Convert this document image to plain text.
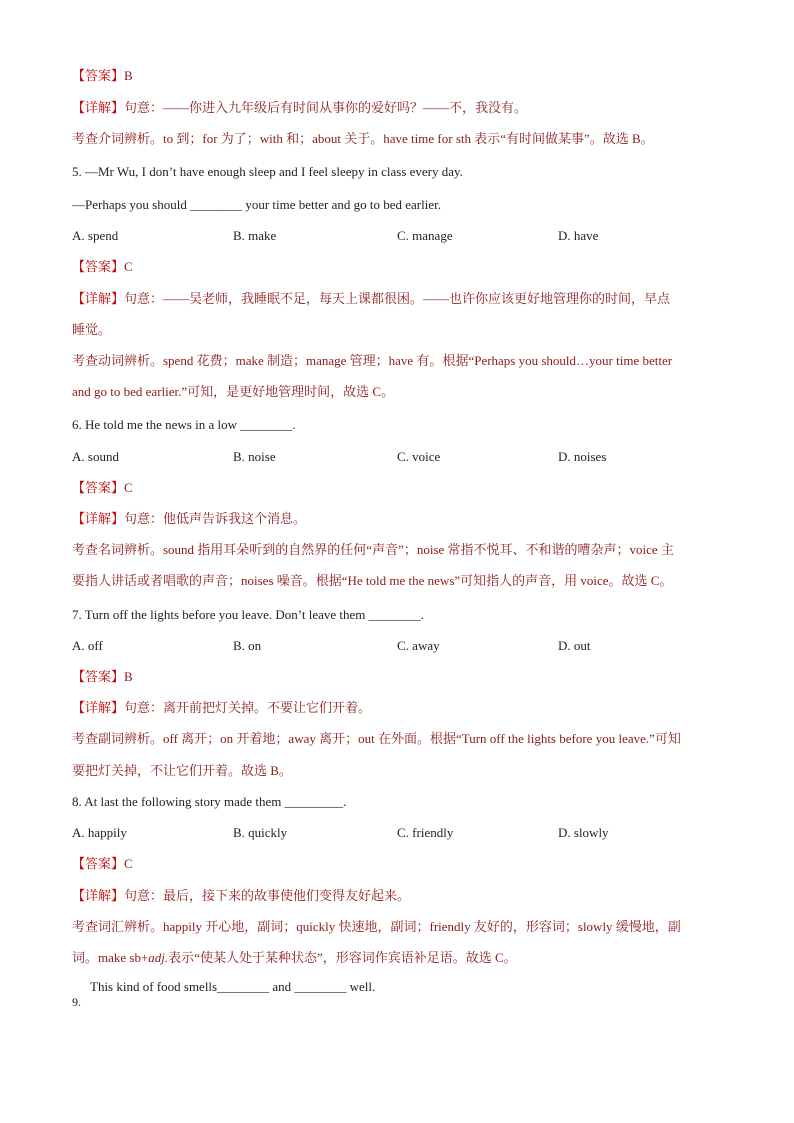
【答案】B
【详解】句意：——你进入九年级后有时间从事你的爱好吗？——不，我没有。
考查介词辨析。to 到；for 为了；with 和；about 关于。have time for sth 表示“有时间做某事”。故选 B。
5. —Mr Wu, I don’t have enough sleep and I feel sleepy in class every day.
—Perhaps you should ________ your time better and go to bed earlier.
A. spend	B. make	C. manage	D. have
【答案】C
【详解】句意：——吴老师，我睡眠不足，每天上课都很困。——也许你应该更好地管理你的时间，早点
睡觉。
考查动词辨析。spend 花费；make 制造；manage 管理；have 有。根据“Perhaps you should…your time better
and go to bed earlier.”可知，是更好地管理时间，故选 C。
6. He told me the news in a low ________.
A. sound	B. noise	C. voice	D. noises
【答案】C
【详解】句意：他低声告诉我这个消息。
考查名词辨析。sound 指用耳朵听到的自然界的任何“声音”；noise 常指不悦耳、不和谐的嘈杂声；voice 主
要指人讲话或者唱歌的声音；noises 噪音。根据“He told me the news”可知指人的声音，用 voice。故选 C。
7. Turn off the lights before you leave. Don’t leave them ________.
A. off	B. on	C. away	D. out
【答案】B
【详解】句意：离开前把灯关掉。不要让它们开着。
考查副词辨析。off 离开；on 开着地；away 离开；out 在外面。根据“Turn off the lights before you leave.”可知
要把灯关掉，不让它们开着。故选 B。
8. At last the following story made them _________.
A. happily	B. quickly	C. friendly	D. slowly
【答案】C
【详解】句意：最后，接下来的故事使他们变得友好起来。
考查词汇辨析。happily 开心地，副词；quickly 快速地，副词；friendly 友好的，形容词；slowly 缓慢地，副
词。make sb+adj.表示“使某人处于某种状态”，形容词作宾语补足语。故选 C。
This kind of food smells________ and ________ well.
9.
